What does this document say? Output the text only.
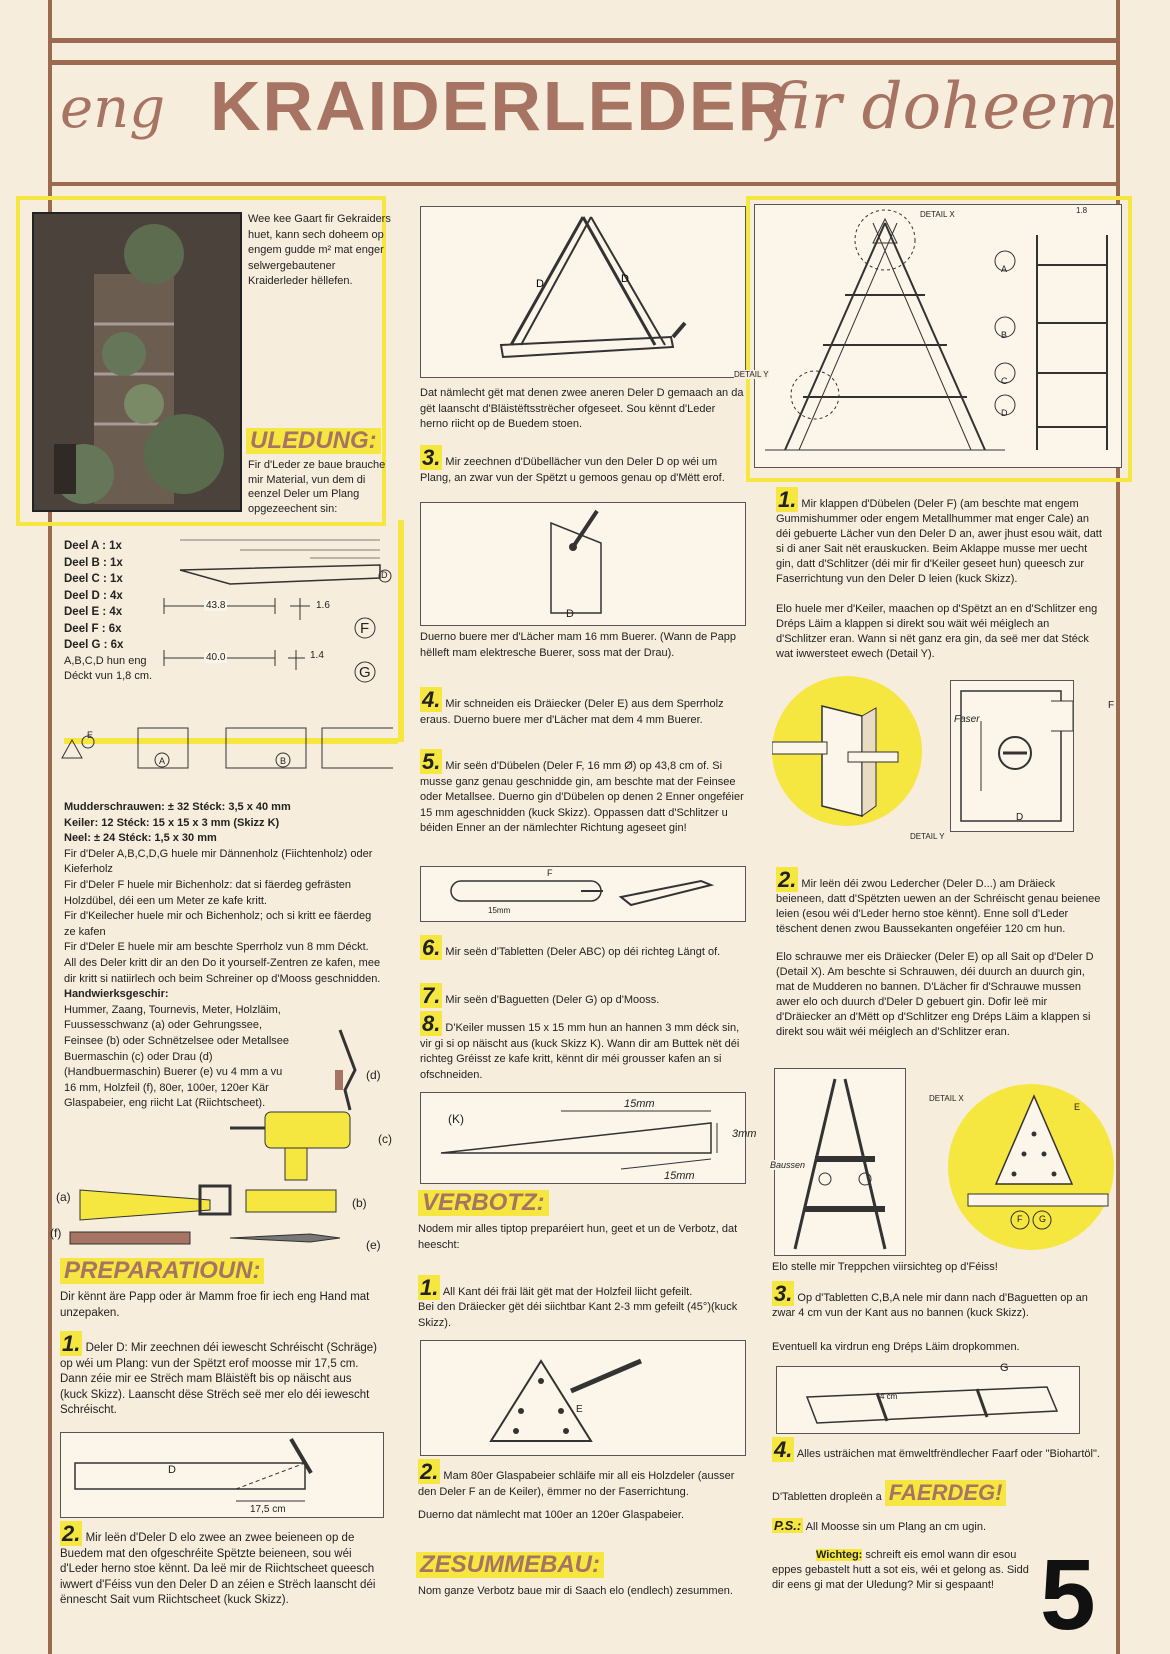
eng KRAIDERLEDER
fir doheem

Wee kee Gaart fir Gekraiders huet, kann sech doheem op engem gudde m² mat enger selwergebautener Kraiderleder hëllefen.

ULEDUNG:

Fir d'Leder ze baue brauche mir Material, vun dem di eenzel Deler um Plang opgezeechent sin:

Deel A : 1x
Deel B : 1x
Deel C : 1x
Deel D : 4x
Deel E : 4x
Deel F : 6x
Deel G : 6x
A,B,C,D hun eng Déckt vun 1,8 cm.
43.8	1.6
40.0	1.4
D
F
G
E
A	B

Mudderschrauwen: ± 32 Stéck: 3,5 x 40 mm

Keiler: 12 Stéck: 15 x 15 x 3 mm (Skizz K)

Neel: ± 24 Stéck: 1,5 x 30 mm

Fir d'Deler A,B,C,D,G huele mir Dännenholz (Fiichtenholz) oder Kieferholz

Fir d'Deler F huele mir Bichenholz: dat si fäerdeg gefrästen Holzdübel, déi een um Meter ze kafe kritt.

Fir d'Keilecher huele mir och Bichenholz; och si kritt ee fäerdeg ze kafen

Fir d'Deler E huele mir am beschte Sperrholz vun 8 mm Déckt.

All des Deler kritt dir an den Do it yourself-Zentren ze kafen, mee dir kritt si natiirlech och beim Schreiner op d'Mooss geschnidden.

Handwierksgeschir:

Hummer, Zaang, Tournevis, Meter, Holzläim, Fuussesschwanz (a) oder Gehrungssee, Feinsee (b) oder Schnëtzelsee oder Metallsee Buermaschin (c) oder Drau (d) (Handbuermaschin) Buerer (e) vu 4 mm a vu 16 mm, Holzfeil (f), 80er, 100er, 120er Kär Glaspabeier, eng riicht Lat (Riichtscheet).

(d)
(c)
(a)	(b)
(f)
(e)
PREPARATIOUN:

Dir kënnt äre Papp oder är Mamm froe fir iech eng Hand mat unzepaken.

1. Deler D: Mir zeechnen déi iewescht Schréischt (Schräge) op wéi um Plang: vun der Spëtzt erof moosse mir 17,5 cm. Dann zéie mir ee Strëch mam Bläistëft bis op näischt aus (kuck Skizz). Laanscht dëse Strëch seë mer elo déi iewescht Schréischt.
D
17,5 cm
2. Mir leën d'Deler D elo zwee an zwee beieneen op de Buedem mat den ofgeschréite Spëtzte beieneen, sou wéi d'Leder herno stoe kënnt. Da leë mir de Riichtscheet queesch iwwert d'Féiss vun den Deler D an zéien e Strëch laanscht déi ënnescht Sait vum Riichtscheet (kuck Skizz).
D	D

Dat nämlecht gët mat denen zwee aneren Deler D gemaach an da gët laanscht d'Bläistëftsstrëcher ofgeseet. Sou kënnt d'Leder herno riicht op de Buedem stoen.

3. Mir zeechnen d'Dübellächer vun den Deler D op wéi um Plang, an zwar vun der Spëtzt u gemoos genau op d'Mëtt erof.
D

Duerno buere mer d'Lächer mam 16 mm Buerer. (Wann de Papp hëlleft mam elektresche Buerer, soss mat der Drau).

4. Mir schneiden eis Dräiecker (Deler E) aus dem Sperrholz eraus. Duerno buere mer d'Lächer mat dem 4 mm Buerer.
5. Mir seën d'Dübelen (Deler F, 16 mm Ø) op 43,8 cm of. Si musse ganz genau geschnidde gin, am beschte mat der Feinsee oder Metallsee. Duerno gin d'Dübelen op denen 2 Enner ongeféier 15 mm ageschnidden (kuck Skizz). Oppassen datt d'Schlitzer u béiden Enner an der nämlechter Richtung ageseet gin!
F
15mm
6. Mir seën d'Tabletten (Deler ABC) op déi richteg Längt of.
7. Mir seën d'Baguetten (Deler G) op d'Mooss.
8. D'Keiler mussen 15 x 15 mm hun an hannen 3 mm déck sin, vir gi si op näischt aus (kuck Skizz K). Wann dir am Buttek nët déi richteg Gréisst ze kafe kritt, kënnt dir méi grousser kafen an si ofschneiden.
(K)
15mm
3mm
15mm
VERBOTZ:

Nodem mir alles tiptop preparéiert hun, geet et un de Verbotz, dat heescht:

1. All Kant déi fräi läit gët mat der Holzfeil liicht gefeilt.

Bei den Dräiecker gët déi siichtbar Kant 2-3 mm gefeilt (45°)(kuck Skizz).

E
2. Mam 80er Glaspabeier schläife mir all eis Holzdeler (ausser den Deler F an de Keiler), ëmmer no der Faserrichtung.

Duerno dat nämlecht mat 100er an 120er Glaspabeier.

ZESUMMEBAU:

Nom ganze Verbotz baue mir di Saach elo (endlech) zesummen.

DETAIL X
DETAIL Y
1.8
A
B
C
D
1. Mir klappen d'Dübelen (Deler F) (am beschte mat engem Gummishummer oder engem Metallhummer mat enger Cale) an déi gebuerte Lächer vun den Deler D an, awer jhust esou wäit, datt si di aner Sait nët erauskucken. Beim Aklappe musse mer uecht gin, datt d'Schlitzer (déi mir fir d'Keiler geseet hun) queesch zur Faserrichtung vun den Deler D leien (kuck Skizz).

Elo huele mer d'Keiler, maachen op d'Spëtzt an en d'Schlitzer eng Dréps Läim a klappen si direkt sou wäit wéi méiglech an d'Schlitzer eran. Wann si nët ganz era gin, da seë mer dat Stéck wat iwwersteet ewech (Detail Y).

Faser
F
D
DETAIL Y
2. Mir leën déi zwou Ledercher (Deler D...) am Dräieck beieneen, datt d'Spëtzten uewen an der Schréischt genau beienee leien (esou wéi d'Leder herno stoe kënnt). Enne soll d'Leder tëschent denen zwou Baussekanten ongeféier 120 cm hun.

Elo schrauwe mer eis Dräiecker (Deler E) op all Sait op d'Deler D (Detail X). Am beschte si Schrauwen, déi duurch an duurch gin, mat de Mudderen no bannen. D'Lächer fir d'Schrauwe mussen awer elo och duurch d'Deler D gebuert gin. Dofir leë mir d'Dräiecker an d'Mëtt op d'Schlitzer eng Dréps Läim a klappen si direkt sou wäit wéi méiglech an d'Schlitzer eran.

Baussen
DETAIL X
E
F G

Elo stelle mir Treppchen viirsichteg op d'Féiss!

3. Op d'Tabletten C,B,A nele mir dann nach d'Baguetten op an zwar 4 cm vun der Kant aus no bannen (kuck Skizz).

Eventuell ka virdrun eng Dréps Läim dropkommen.

G
4 cm
4. Alles usträichen mat ëmweltfrëndlecher Faarf oder "Biohartöl".
D'Tabletten dropleën a FAERDEG!
P.S.: All Moosse sin um Plang an cm ugin.
Wichteg: schreift eis emol wann dir esou eppes gebastelt hutt a sot eis, wéi et gelong as. Sidd dir eens gi mat der Uledung? Mir si gespaant! 5
